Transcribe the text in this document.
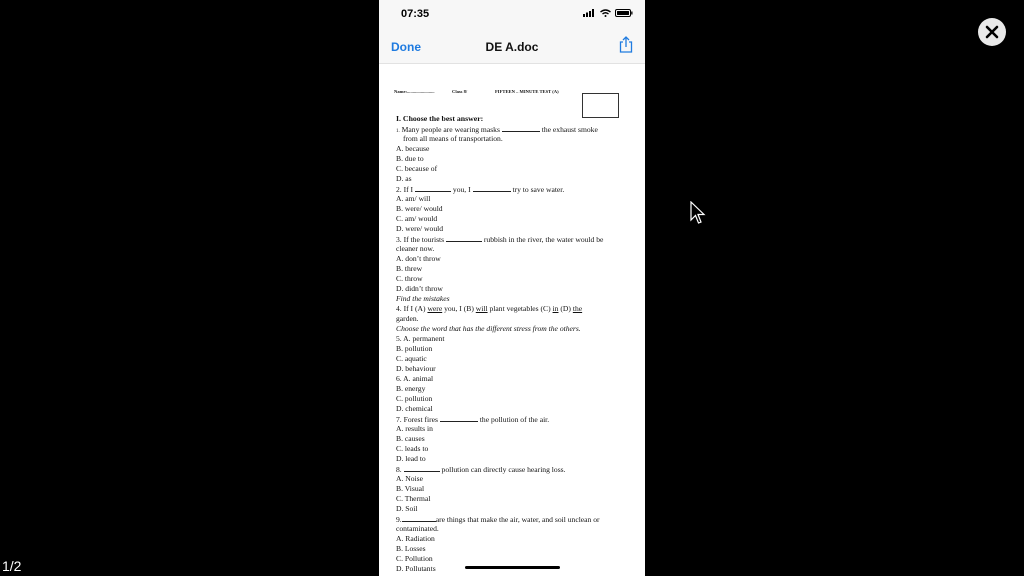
07:35
Done	DE A.doc
Name:........................	Class 8/	FIFTEEN – MINUTE TEST (A)
I. Choose the best answer:
1. Many people are wearing masks	the exhaust smoke
from all means of transportation.
A. because
B. due to
C. because of
D. as
2. If I	you, I	try to save water.
A. am/ will
B. were/ would
C. am/ would
D. were/ would
3. If the tourists	rubbish in the river, the water would be
cleaner now.
A. don’t throw
B. threw
C. throw
D. didn’t throw
Find the mistakes
4. If I (A) were you, I (B) will plant vegetables (C) in (D) the
garden.
Choose the word that has the different stress from the others.
5. A. permanent
B. pollution
C. aquatic
D. behaviour
6. A. animal
B. energy
C. pollution
D. chemical
7. Forest fires	the pollution of the air.
A. results in
B. causes
C. leads to
D. lead to
8.	pollution can directly cause hearing loss.
A. Noise
B. Visual
C. Thermal
D. Soil
9.	are things that make the air, water, and soil unclean or
contaminated.
A. Radiation
B. Losses
C. Pollution
D. Pollutants
1/2
